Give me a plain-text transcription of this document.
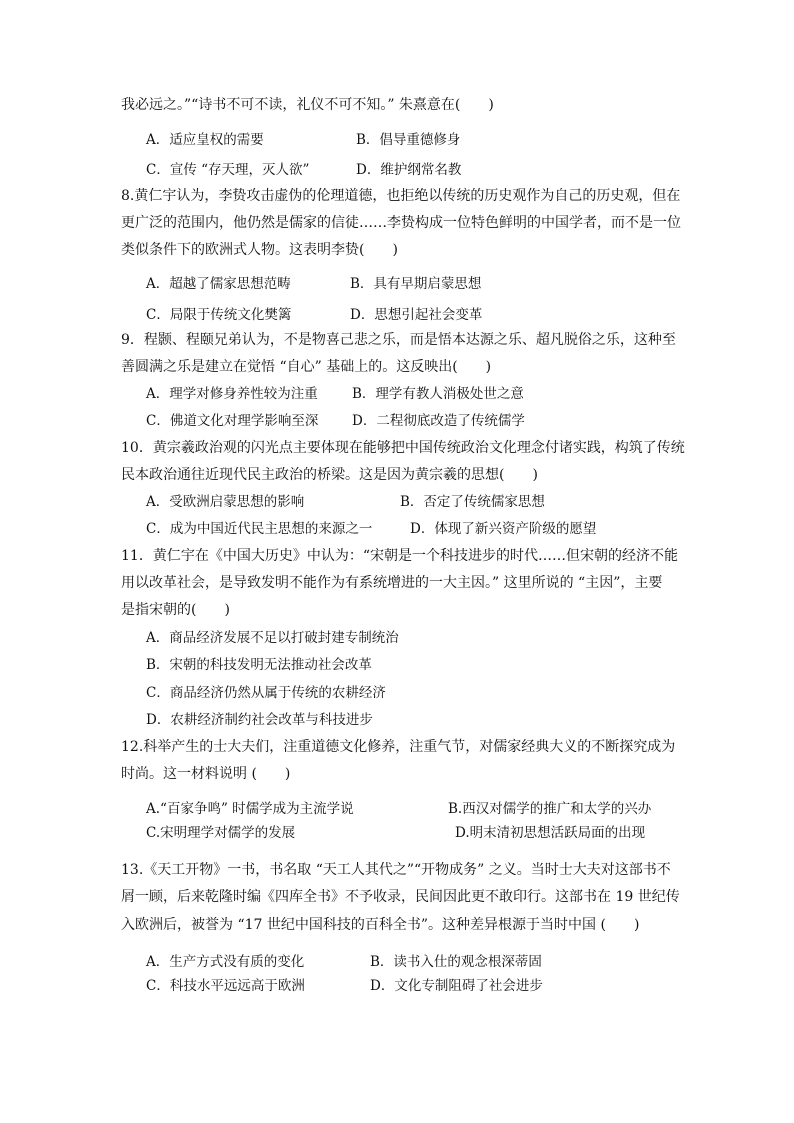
我必远之。”“诗书不可不读，礼仪不可不知。” 朱熹意在(　　)
A．适应皇权的需要	B．倡导重德修身
C．宣传 “存天理，灭人欲”	D．维护纲常名教
8.黄仁宇认为，李贽攻击虚伪的伦理道德，也拒绝以传统的历史观作为自己的历史观，但在
更广泛的范围内，他仍然是儒家的信徒……李贽构成一位特色鲜明的中国学者，而不是一位
类似条件下的欧洲式人物。这表明李贽(　　)
A．超越了儒家思想范畴	B．具有早期启蒙思想
C．局限于传统文化樊篱	D．思想引起社会变革
9．程颢、程颐兄弟认为，不是物喜己悲之乐，而是悟本达源之乐、超凡脱俗之乐，这种至
善圆满之乐是建立在觉悟 “自心” 基础上的。这反映出(　　)
A．理学对修身养性较为注重	B．理学有教人消极处世之意
C．佛道文化对理学影响至深 D．二程彻底改造了传统儒学
10．黄宗羲政治观的闪光点主要体现在能够把中国传统政治文化理念付诸实践，构筑了传统
民本政治通往近现代民主政治的桥梁。这是因为黄宗羲的思想(　　)
A．受欧洲启蒙思想的影响	B．否定了传统儒家思想
C．成为中国近代民主思想的来源之一	D．体现了新兴资产阶级的愿望
11．黄仁宇在《中国大历史》中认为：“宋朝是一个科技进步的时代……但宋朝的经济不能
用以改革社会，是导致发明不能作为有系统增进的一大主因。” 这里所说的 “主因”，主要
是指宋朝的(　　)
A．商品经济发展不足以打破封建专制统治
B．宋朝的科技发明无法推动社会改革
C．商品经济仍然从属于传统的农耕经济
D．农耕经济制约社会改革与科技进步
12.科举产生的士大夫们，注重道德文化修养，注重气节，对儒家经典大义的不断探究成为
时尚。这一材料说明 (　　)
A.“百家争鸣” 时儒学成为主流学说	B.西汉对儒学的推广和太学的兴办
C.宋明理学对儒学的发展	D.明末清初思想活跃局面的出现
13.《天工开物》一书，书名取 “天工人其代之”“开物成务” 之义。当时士大夫对这部书不
屑一顾，后来乾隆时编《四库全书》不予收录，民间因此更不敢印行。这部书在 19 世纪传
入欧洲后，被誉为 “17 世纪中国科技的百科全书”。这种差异根源于当时中国 (　　)
A．生产方式没有质的变化	B．读书入仕的观念根深蒂固
C．科技水平远远高于欧洲	D．文化专制阻碍了社会进步
